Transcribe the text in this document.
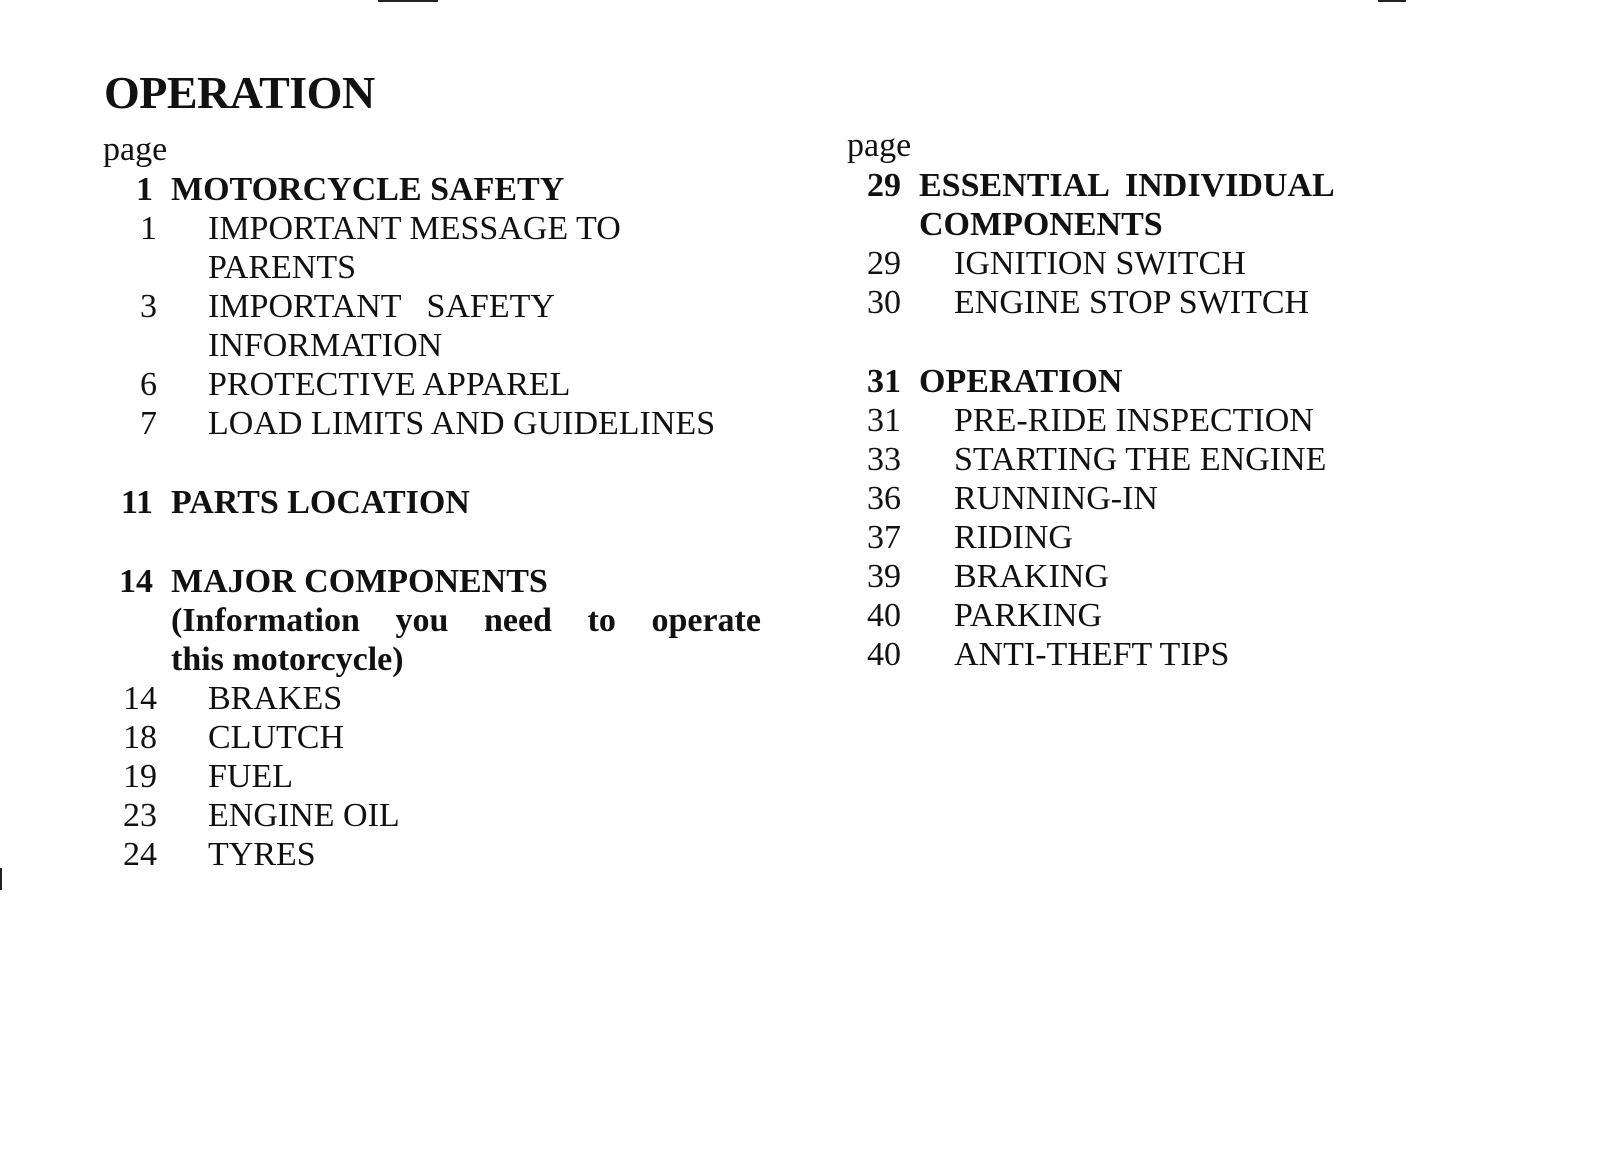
OPERATION
page
1 MOTORCYCLE SAFETY
1 IMPORTANT MESSAGE TO
PARENTS
3 IMPORTANT   SAFETY
INFORMATION
6 PROTECTIVE APPAREL
7 LOAD LIMITS AND GUIDELINES
11 PARTS LOCATION
14 MAJOR COMPONENTS
(Information you need to operate
this motorcycle)
14 BRAKES
18 CLUTCH
19 FUEL
23 ENGINE OIL
24 TYRES
page
29 ESSENTIAL  INDIVIDUAL
COMPONENTS
29 IGNITION SWITCH
30 ENGINE STOP SWITCH
31 OPERATION
31 PRE-RIDE INSPECTION
33 STARTING THE ENGINE
36 RUNNING-IN
37 RIDING
39 BRAKING
40 PARKING
40 ANTI-THEFT TIPS
